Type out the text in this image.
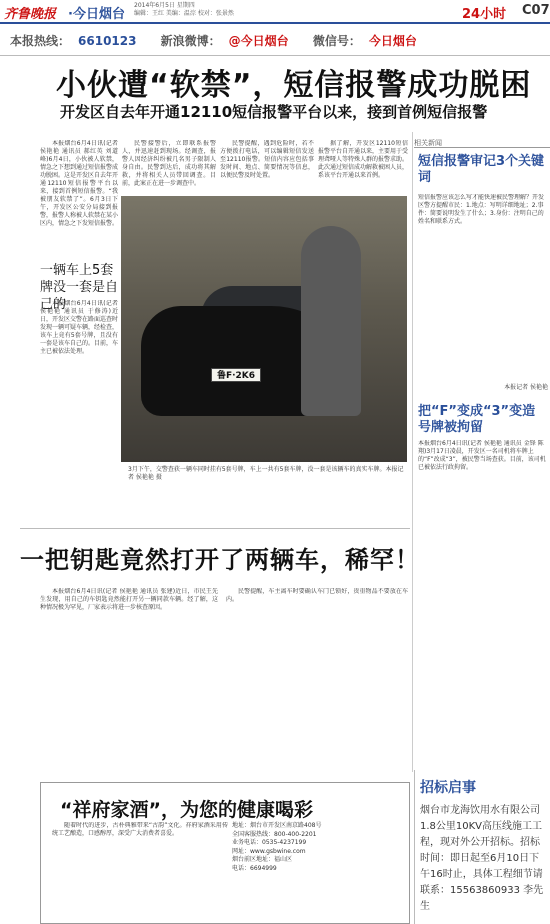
齐鲁晚报 ·今日烟台
2014年6月5日 星期四
编辑：王红 美编：温淙 校对：张景然	24小时 C07
本报热线： 6610123 新浪微博： @今日烟台 微信号： 今日烟台
小伙遭“软禁”，短信报警成功脱困
开发区自去年开通12110短信报警平台以来，接到首例短信报警
本报烟台6月4日讯(记者 侯艳艳 通讯员 郝红英 刘道峰)6月4日，小伙被人软禁，情急之下想到通过短信报警成功脱困。这是开发区自去年开通12110短信报警平台以来，接到首例短信报警。“我被朋友软禁了”。6月3日下午，开发区公安分局接到报警，报警人称被人软禁在某小区内，情急之下发短信报警。
民警接警后，立即联系报警人，并迅速赶到现场。经调查，报警人因经济纠纷被几名男子限制人身自由。民警到达后，成功将其解救，并将相关人员带回调查。目前，此案正在进一步调查中。
民警提醒，遇到危险时，若不方便拨打电话，可以编辑短信发送至12110报警。短信内容应包括事发时间、地点、简要情况等信息，以便民警及时处置。
据了解，开发区12110短信报警平台自开通以来，主要用于受理聋哑人等特殊人群的报警求助。此次通过短信成功解救被困人员，系该平台开通以来首例。
相关新闻
短信报警审记3个关键词
短信报警应该怎么写才能快速被民警理解？开发区警方提醒市民：1.地点：写明详细地址；2.事件：简要说明发生了什么；3.身份：注明自己的姓名和联系方式。
本报记者 侯艳艳
把“F”变成“3”变造号牌被拘留
本报烟台6月4日讯(记者 侯艳艳 通讯员 金锋 陈翔)3月17日凌晨，开发区一名司机将车牌上的“F”改成“3”，被民警当场查获。目前，该司机已被依法行政拘留。
一辆车上5套牌没一套是自己的
本报烟台6月4日讯(记者 侯艳艳 通讯员 于修涛)近日，开发区交警在路面巡查时发现一辆可疑车辆，经检查，该车上竟有5套号牌，且没有一套是该车自己的。目前，车主已被依法处理。
鲁F·2K6
3月下午，交警查获一辆车同时挂有5套号牌，车上一共有5套车牌，没一套是该辆车的真实车牌。本报记者 侯艳艳 摄
一把钥匙竟然打开了两辆车，稀罕！
本报烟台6月4日讯(记者 侯艳艳 通讯员 张建)近日，市民王先生发现，用自己的车钥匙竟然能打开另一辆同款车辆。经了解，这种情况极为罕见，厂家表示将进一步核查原因。
民警提醒，车主离车时要确认车门已锁好，贵重物品不要放在车内。
“祥府家酒”，为您的健康喝彩
随着时代的进步，古朴典雅带来“古韵”文化。祥府家酒采用传统工艺酿造，口感醇厚，深受广大消费者喜爱。
地址：烟台市开发区南京路408号
全国客服热线：800-400-2201
业务电话：0535-4237199
网址：www.gsbwine.com
烟台前区地址：福山区
电话：6694999
招标启事
烟台市龙海饮用水有限公司1.8公里10KV高压线施工工程，现对外公开招标。招标时间：即日起至6月10日下午16时止，具体工程细节请联系：15563860933 李先生
